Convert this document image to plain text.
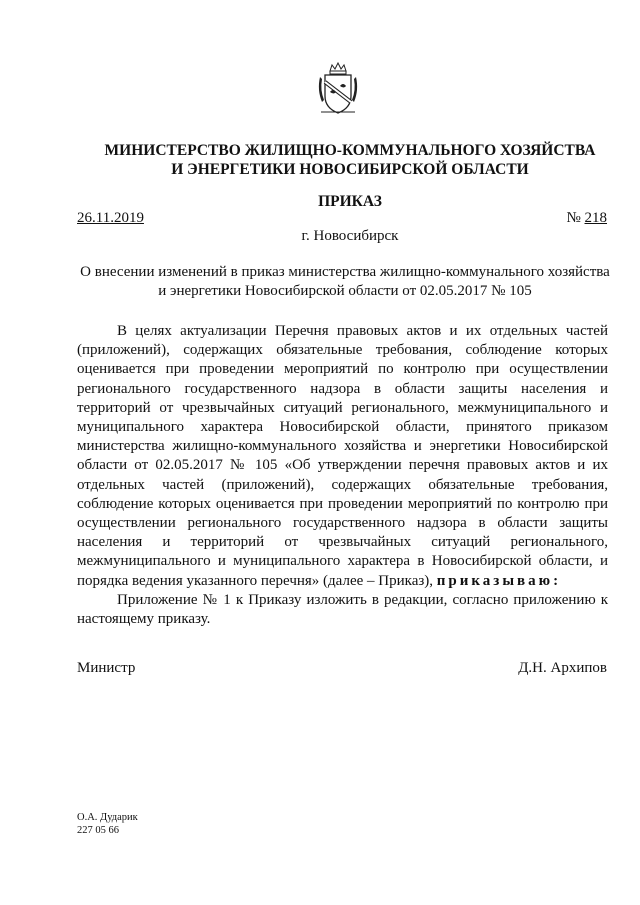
МИНИСТЕРСТВО ЖИЛИЩНО-КОММУНАЛЬНОГО ХОЗЯЙСТВА
И ЭНЕРГЕТИКИ НОВОСИБИРСКОЙ ОБЛАСТИ
ПРИКАЗ
26.11.2019	№ 218
г. Новосибирск
О внесении изменений в приказ министерства жилищно-коммунального хозяйства и энергетики Новосибирской области от 02.05.2017 № 105

В целях актуализации Перечня правовых актов и их отдельных частей (приложений), содержащих обязательные требования, соблюдение которых оценивается при проведении мероприятий по контролю при осуществлении регионального государственного надзора в области защиты населения и территорий от чрезвычайных ситуаций регионального, межмуниципального и муниципального характера Новосибирской области, принятого приказом министерства жилищно-коммунального хозяйства и энергетики Новосибирской области от 02.05.2017 № 105 «Об утверждении перечня правовых актов и их отдельных частей (приложений), содержащих обязательные требования, соблюдение которых оценивается при проведении мероприятий по контролю при осуществлении регионального государственного надзора в области защиты населения и территорий от чрезвычайных ситуаций регионального, межмуниципального и муниципального характера в Новосибирской области, и порядка ведения указанного перечня» (далее – Приказ), приказываю:

Приложение № 1 к Приказу изложить в редакции, согласно приложению к настоящему приказу.

Министр	Д.Н. Архипов
О.А. Дударик
227 05 66
